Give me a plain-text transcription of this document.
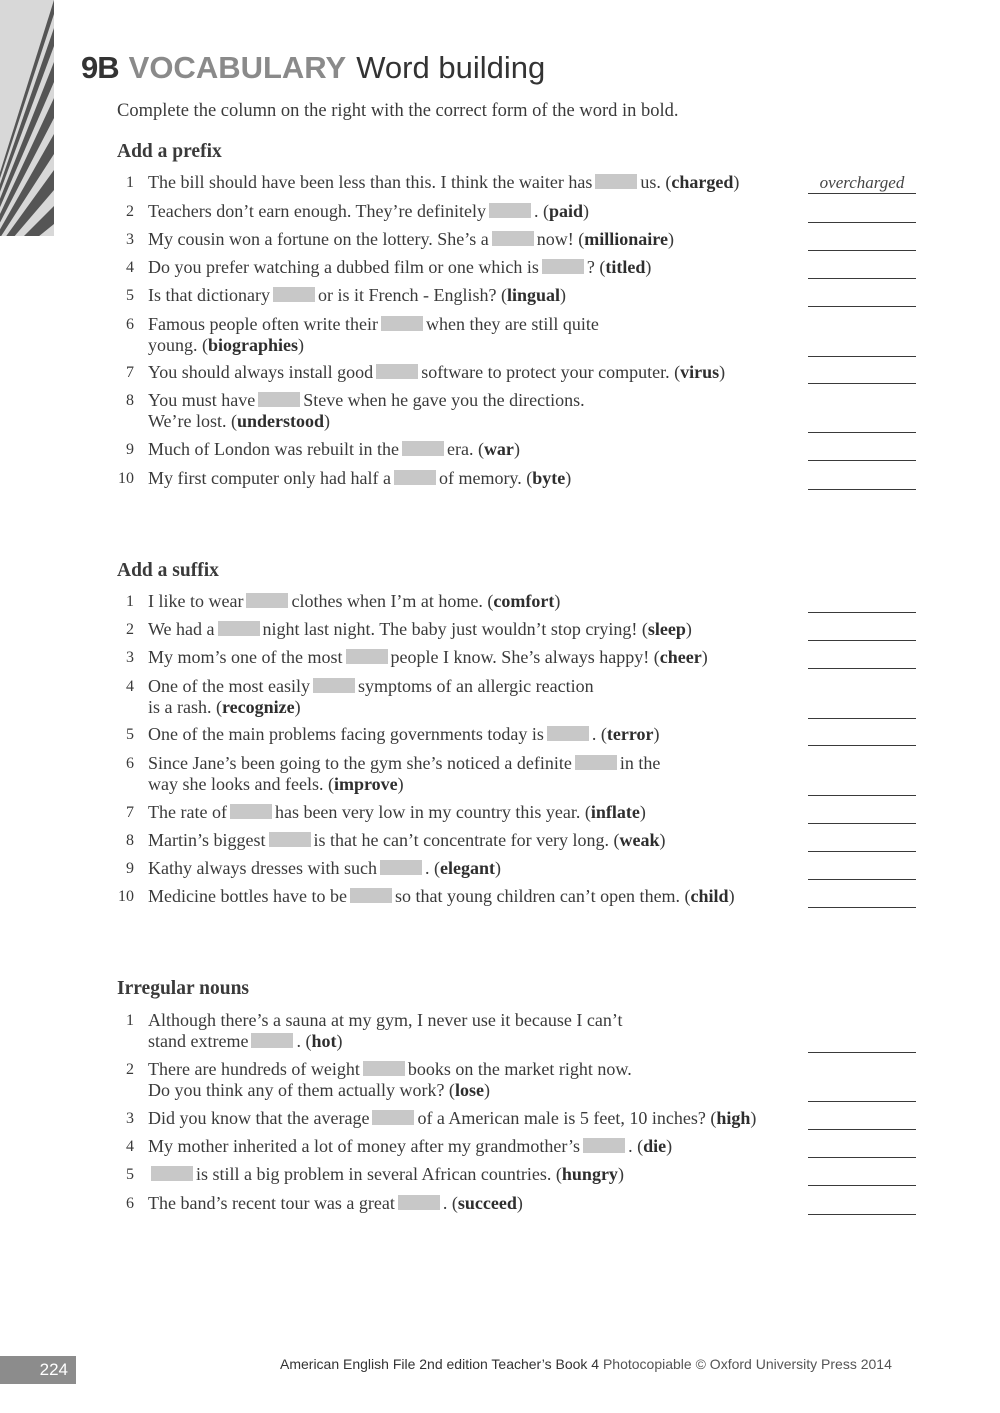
9B VOCABULARY Word building
Complete the column on the right with the correct form of the word in bold.
Add a prefix
1 The bill should have been less than this. I think the waiter has	us. (charged)	overcharged
2 Teachers don’t earn enough. They’re definitely	. (paid)
3 My cousin won a fortune on the lottery. She’s a	now! (millionaire)
4 Do you prefer watching a dubbed film or one which is	? (titled)
5 Is that dictionary	or is it French - English? (lingual)
6 Famous people often write their	when they are still quite
young. (biographies)
7 You should always install good	software to protect your computer. (virus)
8 You must have	Steve when he gave you the directions.
We’re lost. (understood)
9 Much of London was rebuilt in the	era. (war)
10 My first computer only had half a	of memory. (byte)
Add a suffix
1 I like to wear	clothes when I’m at home. (comfort)
2 We had a	night last night. The baby just wouldn’t stop crying! (sleep)
3 My mom’s one of the most	people I know. She’s always happy! (cheer)
4 One of the most easily	symptoms of an allergic reaction
is a rash. (recognize)
5 One of the main problems facing governments today is	. (terror)
6 Since Jane’s been going to the gym she’s noticed a definite	in the
way she looks and feels. (improve)
7 The rate of	has been very low in my country this year. (inflate)
8 Martin’s biggest	is that he can’t concentrate for very long. (weak)
9 Kathy always dresses with such	. (elegant)
10 Medicine bottles have to be	so that young children can’t open them. (child)
Irregular nouns
1 Although there’s a sauna at my gym, I never use it because I can’t
stand extreme	. (hot)
2 There are hundreds of weight	books on the market right now.
Do you think any of them actually work? (lose)
3 Did you know that the average	of a American male is 5 feet, 10 inches? (high)
4 My mother inherited a lot of money after my grandmother’s	. (die)
5	is still a big problem in several African countries. (hungry)
6 The band’s recent tour was a great	. (succeed)
224	American English File 2nd edition Teacher’s Book 4 Photocopiable © Oxford University Press 2014
